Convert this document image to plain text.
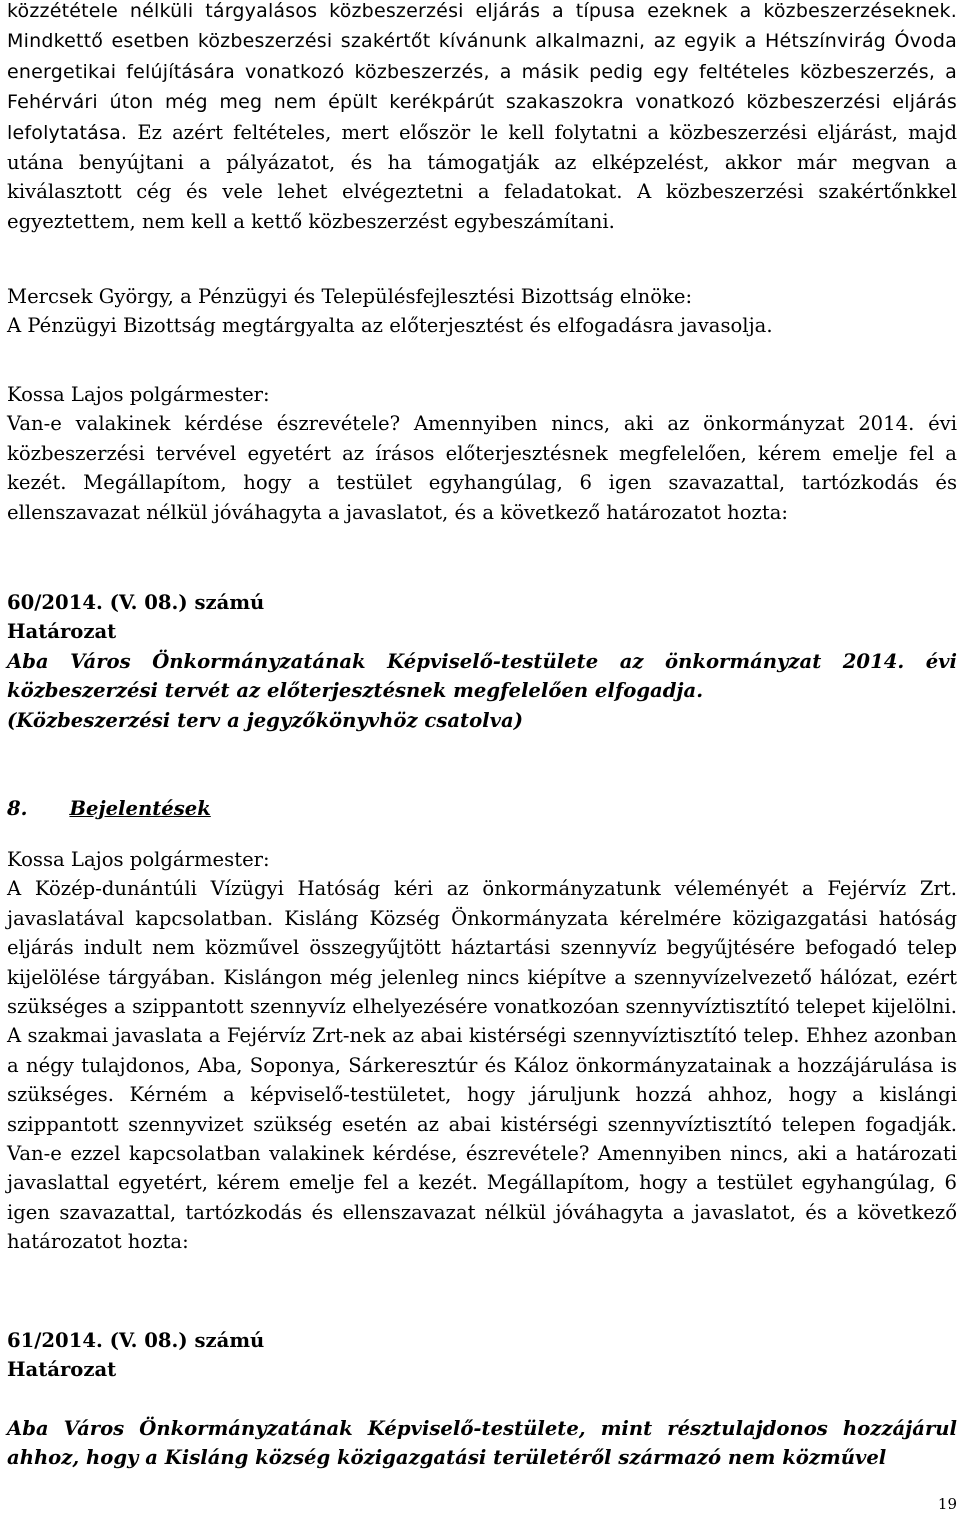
közzététele nélküli tárgyalásos közbeszerzési eljárás a típusa ezeknek a közbeszerzéseknek. Mindkettő esetben közbeszerzési szakértőt kívánunk alkalmazni, az egyik a Hétszínvirág Óvoda energetikai felújítására vonatkozó közbeszerzés, a másik pedig egy feltételes közbeszerzés, a Fehérvári úton még meg nem épült kerékpárút szakaszokra vonatkozó közbeszerzési eljárás lefolytatása. Ez azért feltételes, mert először le kell folytatni a közbeszerzési eljárást, majd utána benyújtani a pályázatot, és ha támogatják az elképzelést, akkor már megvan a kiválasztott cég és vele lehet elvégeztetni a feladatokat. A közbeszerzési szakértőnkkel egyeztettem, nem kell a kettő közbeszerzést egybeszámítani.

Mercsek György, a Pénzügyi és Településfejlesztési Bizottság elnöke:

A Pénzügyi Bizottság megtárgyalta az előterjesztést és elfogadásra javasolja.

Kossa Lajos polgármester:

Van-e valakinek kérdése észrevétele? Amennyiben nincs, aki az önkormányzat 2014. évi közbeszerzési tervével egyetért az írásos előterjesztésnek megfelelően, kérem emelje fel a kezét. Megállapítom, hogy a testület egyhangúlag, 6 igen szavazattal, tartózkodás és ellenszavazat nélkül jóváhagyta a javaslatot, és a következő határozatot hozta:

60/2014. (V. 08.) számú

Határozat

Aba Város Önkormányzatának Képviselő-testülete az önkormányzat 2014. évi közbeszerzési tervét az előterjesztésnek megfelelően elfogadja.

(Közbeszerzési terv a jegyzőkönyvhöz csatolva)

8. Bejelentések

Kossa Lajos polgármester:

A Közép-dunántúli Vízügyi Hatóság kéri az önkormányzatunk véleményét a Fejérvíz Zrt. javaslatával kapcsolatban. Kisláng Község Önkormányzata kérelmére közigazgatási hatóság eljárás indult nem közművel összegyűjtött háztartási szennyvíz begyűjtésére befogadó telep kijelölése tárgyában. Kislángon még jelenleg nincs kiépítve a szennyvízelvezető hálózat, ezért szükséges a szippantott szennyvíz elhelyezésére vonatkozóan szennyvíztisztító telepet kijelölni. A szakmai javaslata a Fejérvíz Zrt-nek az abai kistérségi szennyvíztisztító telep. Ehhez azonban a négy tulajdonos, Aba, Soponya, Sárkeresztúr és Káloz önkormányzatainak a hozzájárulása is szükséges. Kérném a képviselő-testületet, hogy járuljunk hozzá ahhoz, hogy a kislángi szippantott szennyvizet szükség esetén az abai kistérségi szennyvíztisztító telepen fogadják. Van-e ezzel kapcsolatban valakinek kérdése, észrevétele? Amennyiben nincs, aki a határozati javaslattal egyetért, kérem emelje fel a kezét. Megállapítom, hogy a testület egyhangúlag, 6 igen szavazattal, tartózkodás és ellenszavazat nélkül jóváhagyta a javaslatot, és a következő határozatot hozta:

61/2014. (V. 08.) számú

Határozat

Aba Város Önkormányzatának Képviselő-testülete, mint résztulajdonos hozzájárul ahhoz, hogy a Kisláng község közigazgatási területéről származó nem közművel

19
